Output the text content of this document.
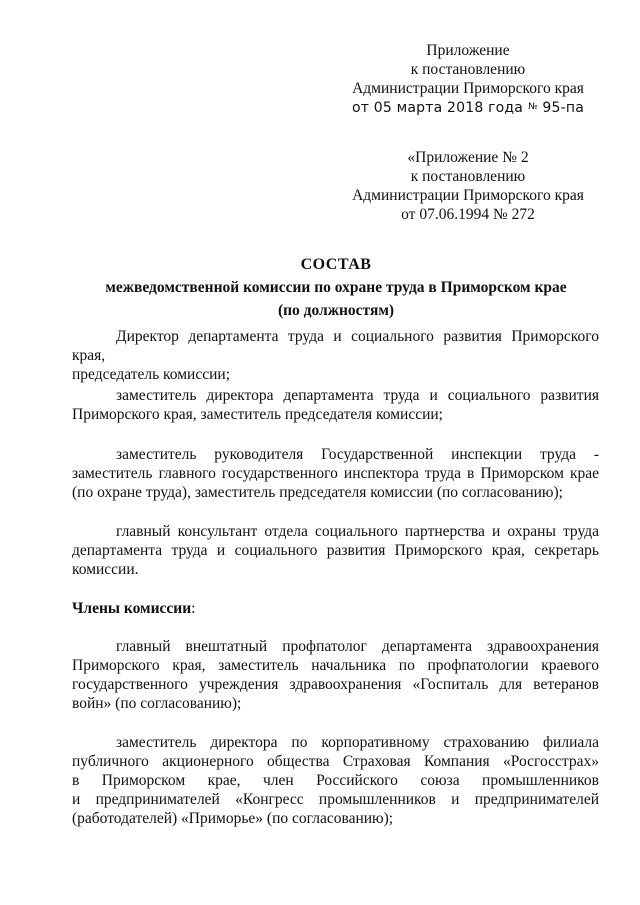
Приложение
к постановлению
Администрации Приморского края
от 05 марта 2018 года № 95-па
«Приложение № 2
к постановлению
Администрации Приморского края
от 07.06.1994 № 272
СОСТАВ
межведомственной комиссии по охране труда в Приморском крае
(по должностям)
Директор департамента труда и социального развития Приморского края,
председатель комиссии;
заместитель директора департамента труда и социального развития
Приморского края, заместитель председателя комиссии;
заместитель руководителя Государственной инспекции труда -
заместитель главного государственного инспектора труда в Приморском крае
(по охране труда), заместитель председателя комиссии (по согласованию);
главный консультант отдела социального партнерства и охраны труда
департамента труда и социального развития Приморского края, секретарь
комиссии.
Члены комиссии:
главный внештатный профпатолог департамента здравоохранения
Приморского края, заместитель начальника по профпатологии краевого
государственного учреждения здравоохранения «Госпиталь для ветеранов
войн» (по согласованию);
заместитель директора по корпоративному страхованию филиала
публичного акционерного общества Страховая Компания «Росгосстрах»
в Приморском крае, член Российского союза промышленников
и предпринимателей «Конгресс промышленников и предпринимателей
(работодателей) «Приморье» (по согласованию);
